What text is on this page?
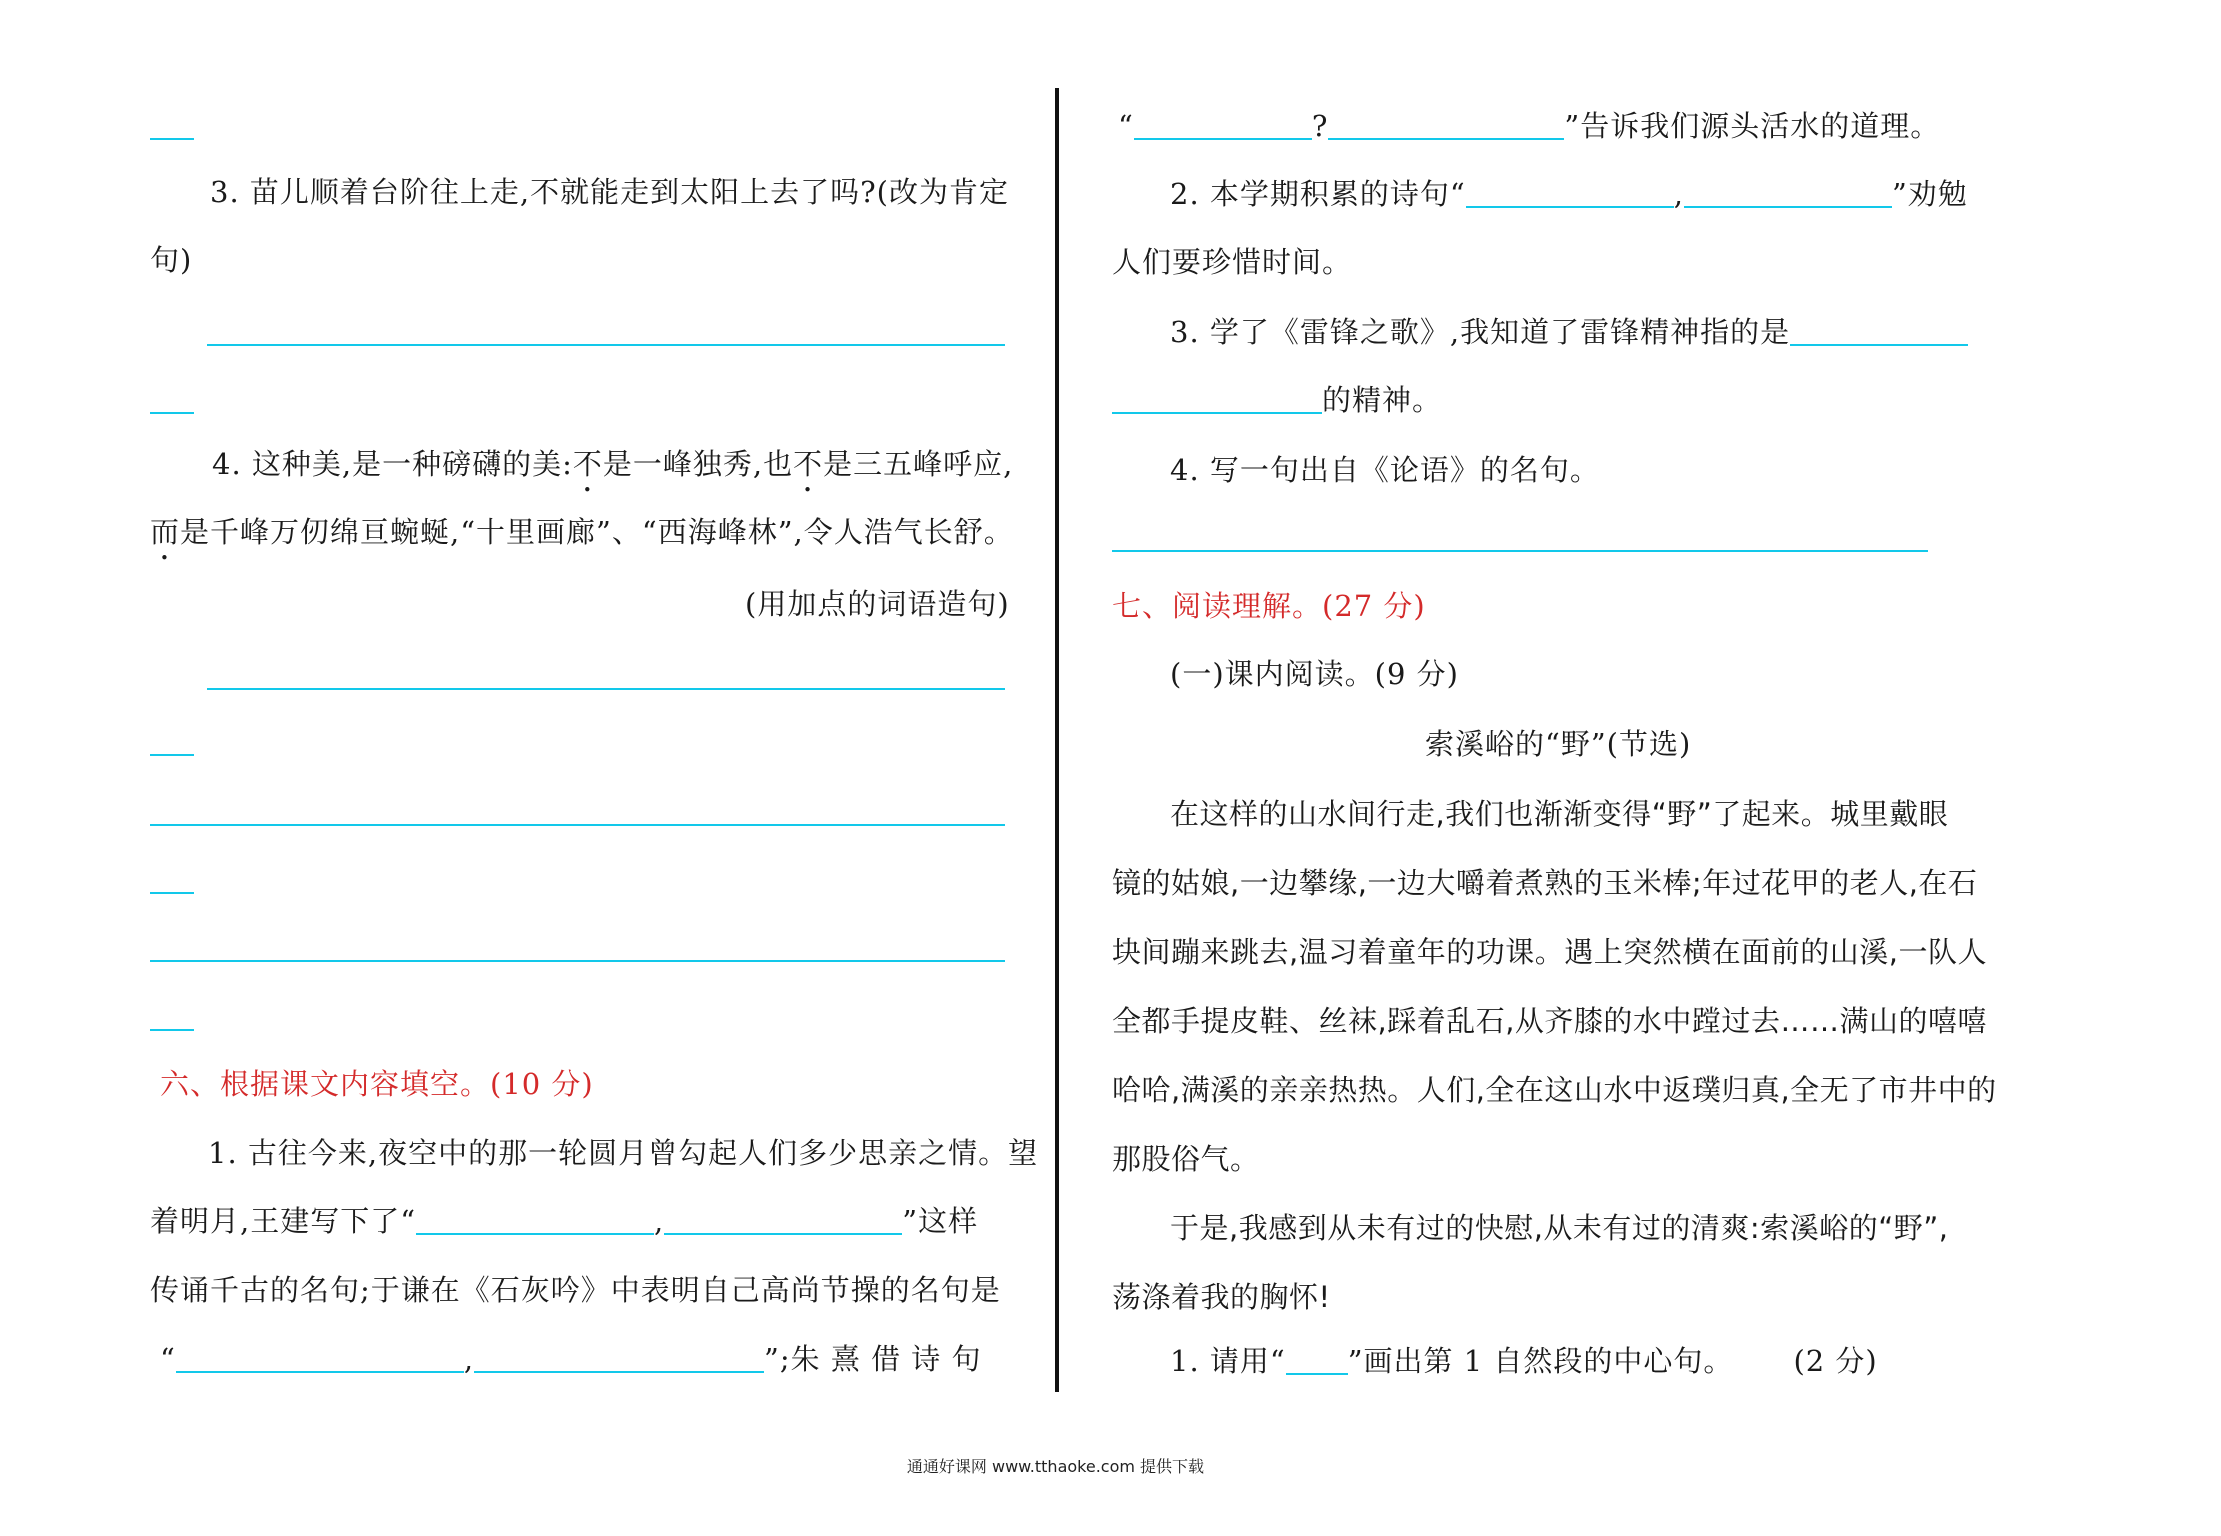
3. 苗儿顺着台阶往上走,不就能走到太阳上去了吗?(改为肯定
句)
4. 这种美,是一种磅礴的美:不是一峰独秀,也不是三五峰呼应,
而是千峰万仞绵亘蜿蜒,“十里画廊”、“西海峰林”,令人浩气长舒。
(用加点的词语造句)
六、根据课文内容填空。(10 分)
1. 古往今来,夜空中的那一轮圆月曾勾起人们多少思亲之情。望
着明月,王建写下了“	,	”这样
传诵千古的名句;于谦在《石灰吟》中表明自己高尚节操的名句是
“	,	”;朱 熹 借 诗 句
“	?	”告诉我们源头活水的道理。
2. 本学期积累的诗句“	,	”劝勉
人们要珍惜时间。
3. 学了《雷锋之歌》,我知道了雷锋精神指的是
的精神。
4. 写一句出自《论语》的名句。
七、阅读理解。(27 分)
(一)课内阅读。(9 分)
索溪峪的“野”(节选)
在这样的山水间行走,我们也渐渐变得“野”了起来。城里戴眼
镜的姑娘,一边攀缘,一边大嚼着煮熟的玉米棒;年过花甲的老人,在石
块间蹦来跳去,温习着童年的功课。遇上突然横在面前的山溪,一队人
全都手提皮鞋、丝袜,踩着乱石,从齐膝的水中蹚过去……满山的嘻嘻
哈哈,满溪的亲亲热热。人们,全在这山水中返璞归真,全无了市井中的
那股俗气。
于是,我感到从未有过的快慰,从未有过的清爽:索溪峪的“野”,
荡涤着我的胸怀!
1. 请用“ ”画出第 1 自然段的中心句。 (2 分)
通通好课网 www.tthaoke.com 提供下载
